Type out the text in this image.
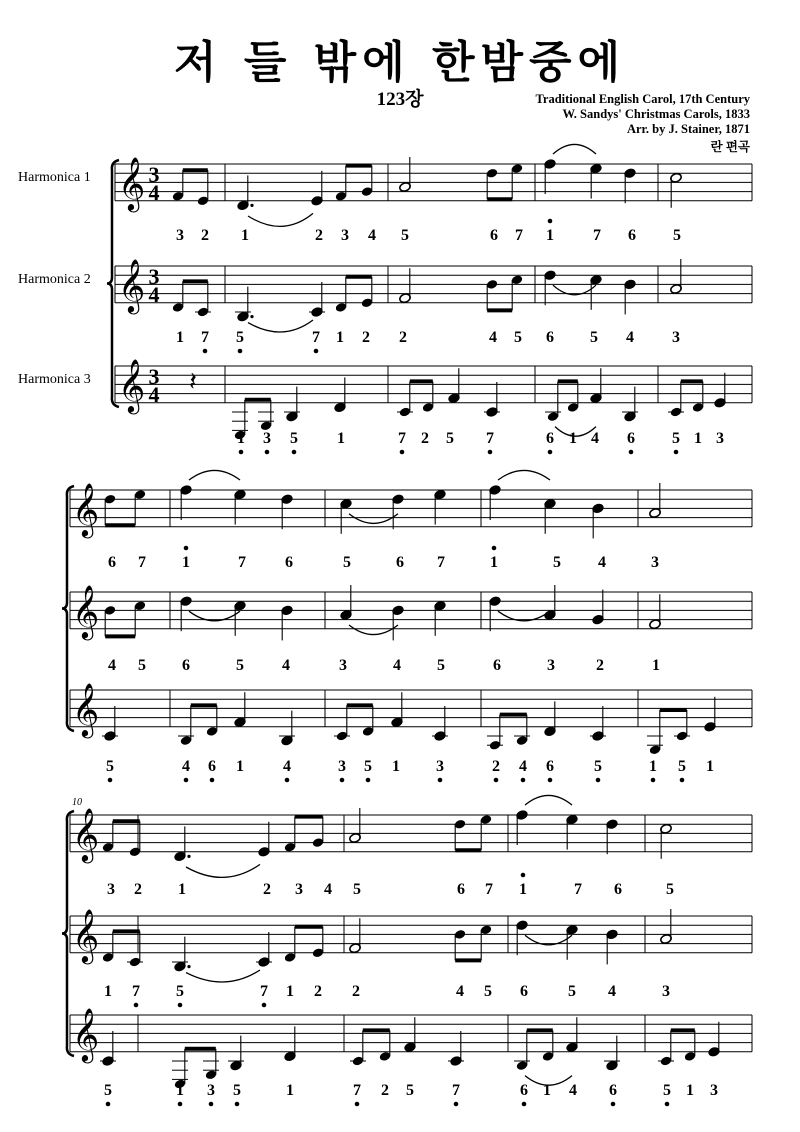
저 들 밖에 한밤중에
123장	Traditional English Carol, 17th Century
W. Sandys' Christmas Carols, 1833
Arr. by J. Stainer, 1871
란 편곡
Harmonica 1
Harmonica 2
Harmonica 3
𝄞 3
4
𝄞 3
4
𝄞 3
4 𝄽
3 2 1	2 3 4 5	6 7 1 7 6 5
1 7 5	7 1 2 2	4 5 6 5 4 3
1 3 5 1	7 2 5 7	6 1 4 6 5 1 3
𝄞
𝄞
𝄞
6 7 1	7 6	5	6 7	1	5 4	3
4 5 6	5 4	3	4 5	6	3	2	1
5	4 6 1 4	3 5 1 3	2 4 6	5	1 5 1
10
𝄞
𝄞
𝄞
3 2 1	2 3 4 5	6 7 1	7 6	5
1 7 5	7 1 2 2	4 5 6	5 4	3
5	1 3 5	1	7 2 5 7	6 1 4 6	5 1 3
